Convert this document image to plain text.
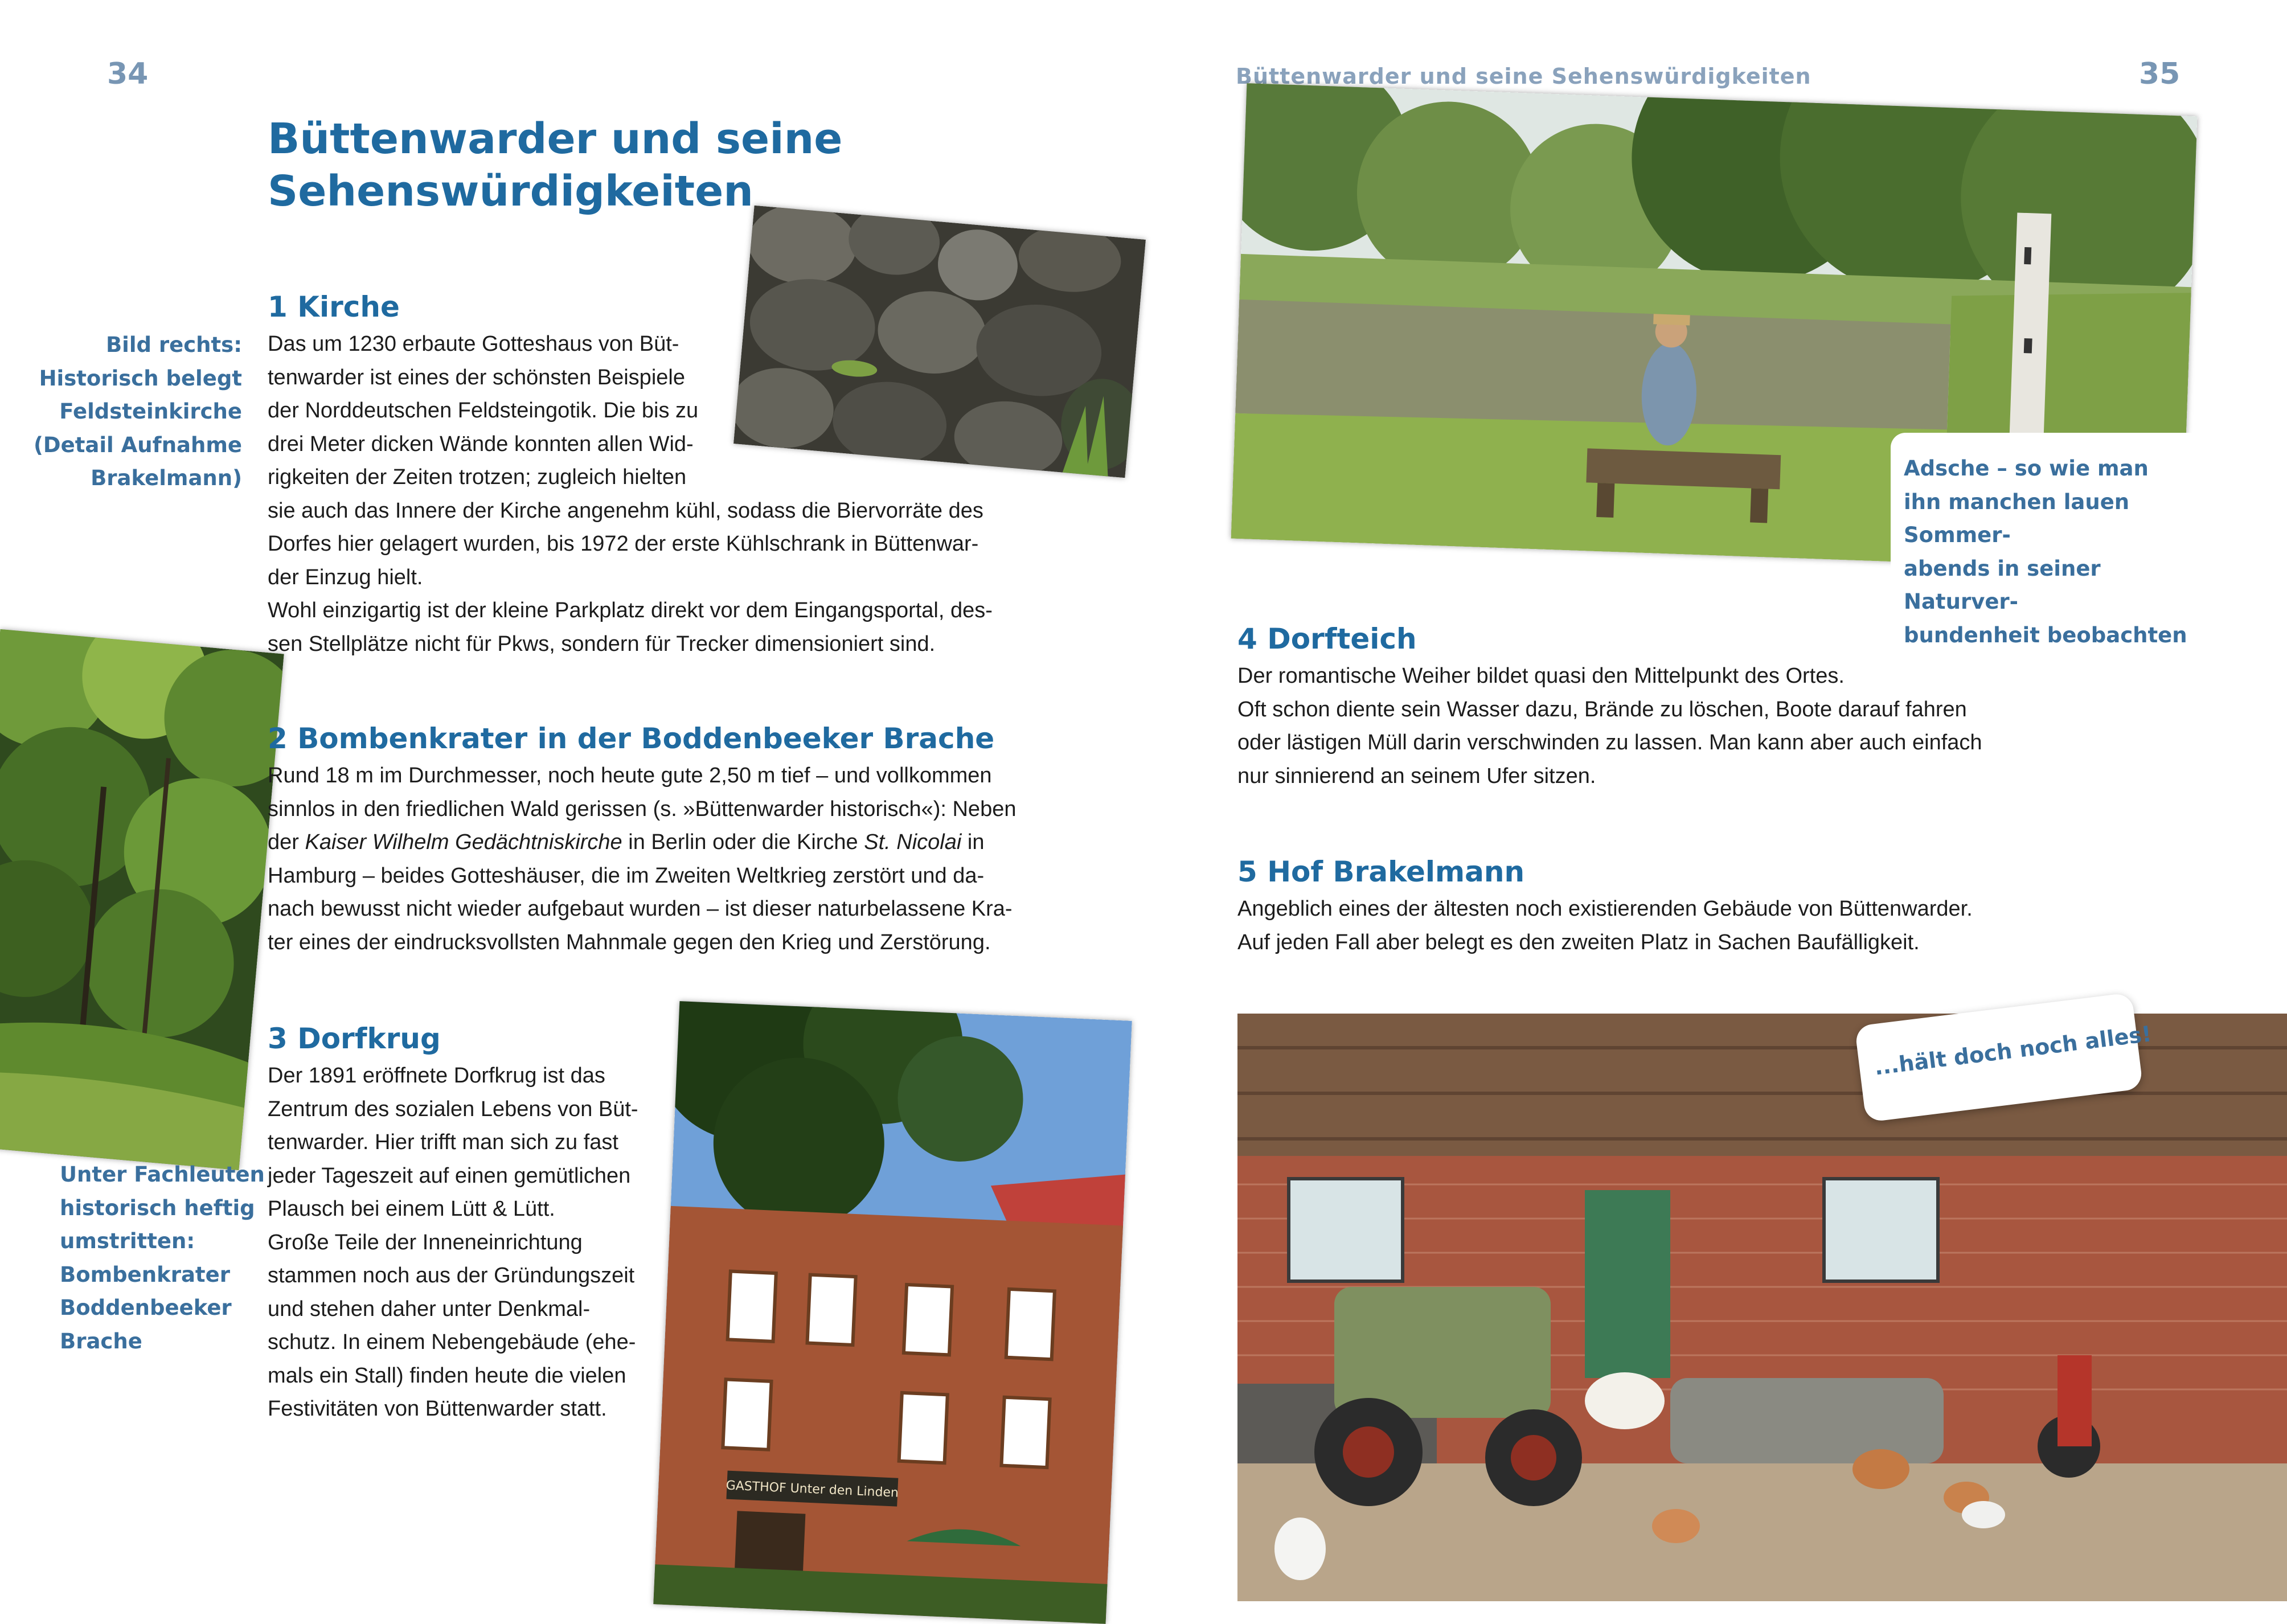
34
Büttenwarder und seine
Sehenswürdigkeiten
Bild rechts:
Historisch belegt
Feldsteinkirche
(Detail Aufnahme
Brakelmann)
1 Kirche

Das um 1230 erbaute Gotteshaus von Büt-

tenwarder ist eines der schönsten Beispiele

der Norddeutschen Feldsteingotik. Die bis zu

drei Meter dicken Wände konnten allen Wid-

rigkeiten der Zeiten trotzen; zugleich hielten

sie auch das Innere der Kirche angenehm kühl, sodass die Biervorräte des

Dorfes hier gelagert wurden, bis 1972 der erste Kühlschrank in Büttenwar-

der Einzug hielt.

Wohl einzigartig ist der kleine Parkplatz direkt vor dem Eingangsportal, des-

sen Stellplätze nicht für Pkws, sondern für Trecker dimensioniert sind.

Unter Fachleuten
historisch heftig
umstritten:
Bombenkrater
Boddenbeeker
Brache
2 Bombenkrater in der Boddenbeeker Brache

Rund 18 m im Durchmesser, noch heute gute 2,50 m tief – und vollkommen

sinnlos in den friedlichen Wald gerissen (s. »Büttenwarder historisch«): Neben

der Kaiser Wilhelm Gedächtniskirche in Berlin oder die Kirche St. Nicolai in

Hamburg – beides Gotteshäuser, die im Zweiten Weltkrieg zerstört und da-

nach bewusst nicht wieder aufgebaut wurden – ist dieser naturbelassene Kra-

ter eines der eindrucksvollsten Mahnmale gegen den Krieg und Zerstörung.

3 Dorfkrug

Der 1891 eröffnete Dorfkrug ist das

Zentrum des sozialen Lebens von Büt-

tenwarder. Hier trifft man sich zu fast

jeder Tageszeit auf einen gemütlichen

Plausch bei einem Lütt & Lütt.

Große Teile der Inneneinrichtung

stammen noch aus der Gründungszeit

und stehen daher unter Denkmal-

schutz. In einem Nebengebäude (ehe-

mals ein Stall) finden heute die vielen

Festivitäten von Büttenwarder statt.

GASTHOF Unter den Linden
Büttenwarder und seine Sehenswürdigkeiten	35
Adsche – so wie man
ihn manchen lauen Sommer-
abends in seiner Naturver-
bundenheit beobachten
4 Dorfteich

Der romantische Weiher bildet quasi den Mittelpunkt des Ortes.

Oft schon diente sein Wasser dazu, Brände zu löschen, Boote darauf fahren

oder lästigen Müll darin verschwinden zu lassen. Man kann aber auch einfach

nur sinnierend an seinem Ufer sitzen.

5 Hof Brakelmann

Angeblich eines der ältesten noch existierenden Gebäude von Büttenwarder.

Auf jeden Fall aber belegt es den zweiten Platz in Sachen Baufälligkeit.

...hält doch noch alles!
